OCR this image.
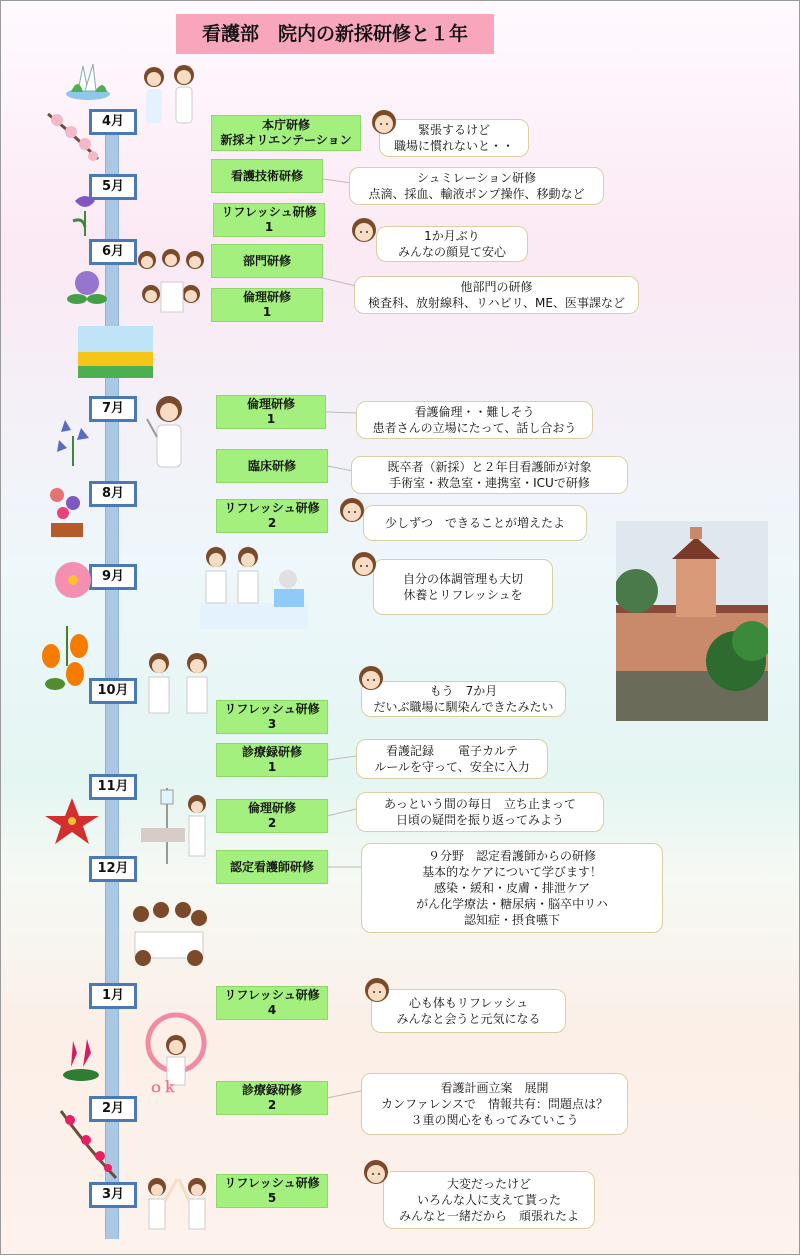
看護部　院内の新採研修と１年
4月
5月
6月
7月
8月
9月
10月
11月
12月
1月
2月
3月
本庁研修
新採オリエンテーション
看護技術研修
リフレッシュ研修
1
部門研修
倫理研修
1
倫理研修
1
臨床研修
リフレッシュ研修
2
リフレッシュ研修
3
診療録研修
1
倫理研修
2
認定看護師研修
リフレッシュ研修
4
診療録研修
2
リフレッシュ研修
5
緊張するけど
職場に慣れないと・・
シュミレーション研修
点滴、採血、輸液ポンプ操作、移動など
1か月ぶり
みんなの顔見て安心
他部門の研修
検査科、放射線科、リハビリ、ME、医事課など
看護倫理・・難しそう
患者さんの立場にたって、話し合おう
既卒者（新採）と２年目看護師が対象
手術室・救急室・連携室・ICUで研修
少しずつ　できることが増えたよ
自分の体調管理も大切
休養とリフレッシュを
もう　7か月
だいぶ職場に馴染んできたみたい
看護記録　　電子カルテ
ルールを守って、安全に入力
あっという間の毎日　立ち止まって
日頃の疑問を振り返ってみよう
９分野　認定看護師からの研修
基本的なケアについて学びます！
感染・緩和・皮膚・排泄ケア
がん化学療法・糖尿病・脳卒中リハ
認知症・摂食嚥下
心も体もリフレッシュ
みんなと会うと元気になる
看護計画立案　展開
カンファレンスで　情報共有：問題点は？
３重の関心をもってみていこう
大変だったけど
いろんな人に支えて貰った
みんなと一緒だから　頑張れたよ
ｏｋ
